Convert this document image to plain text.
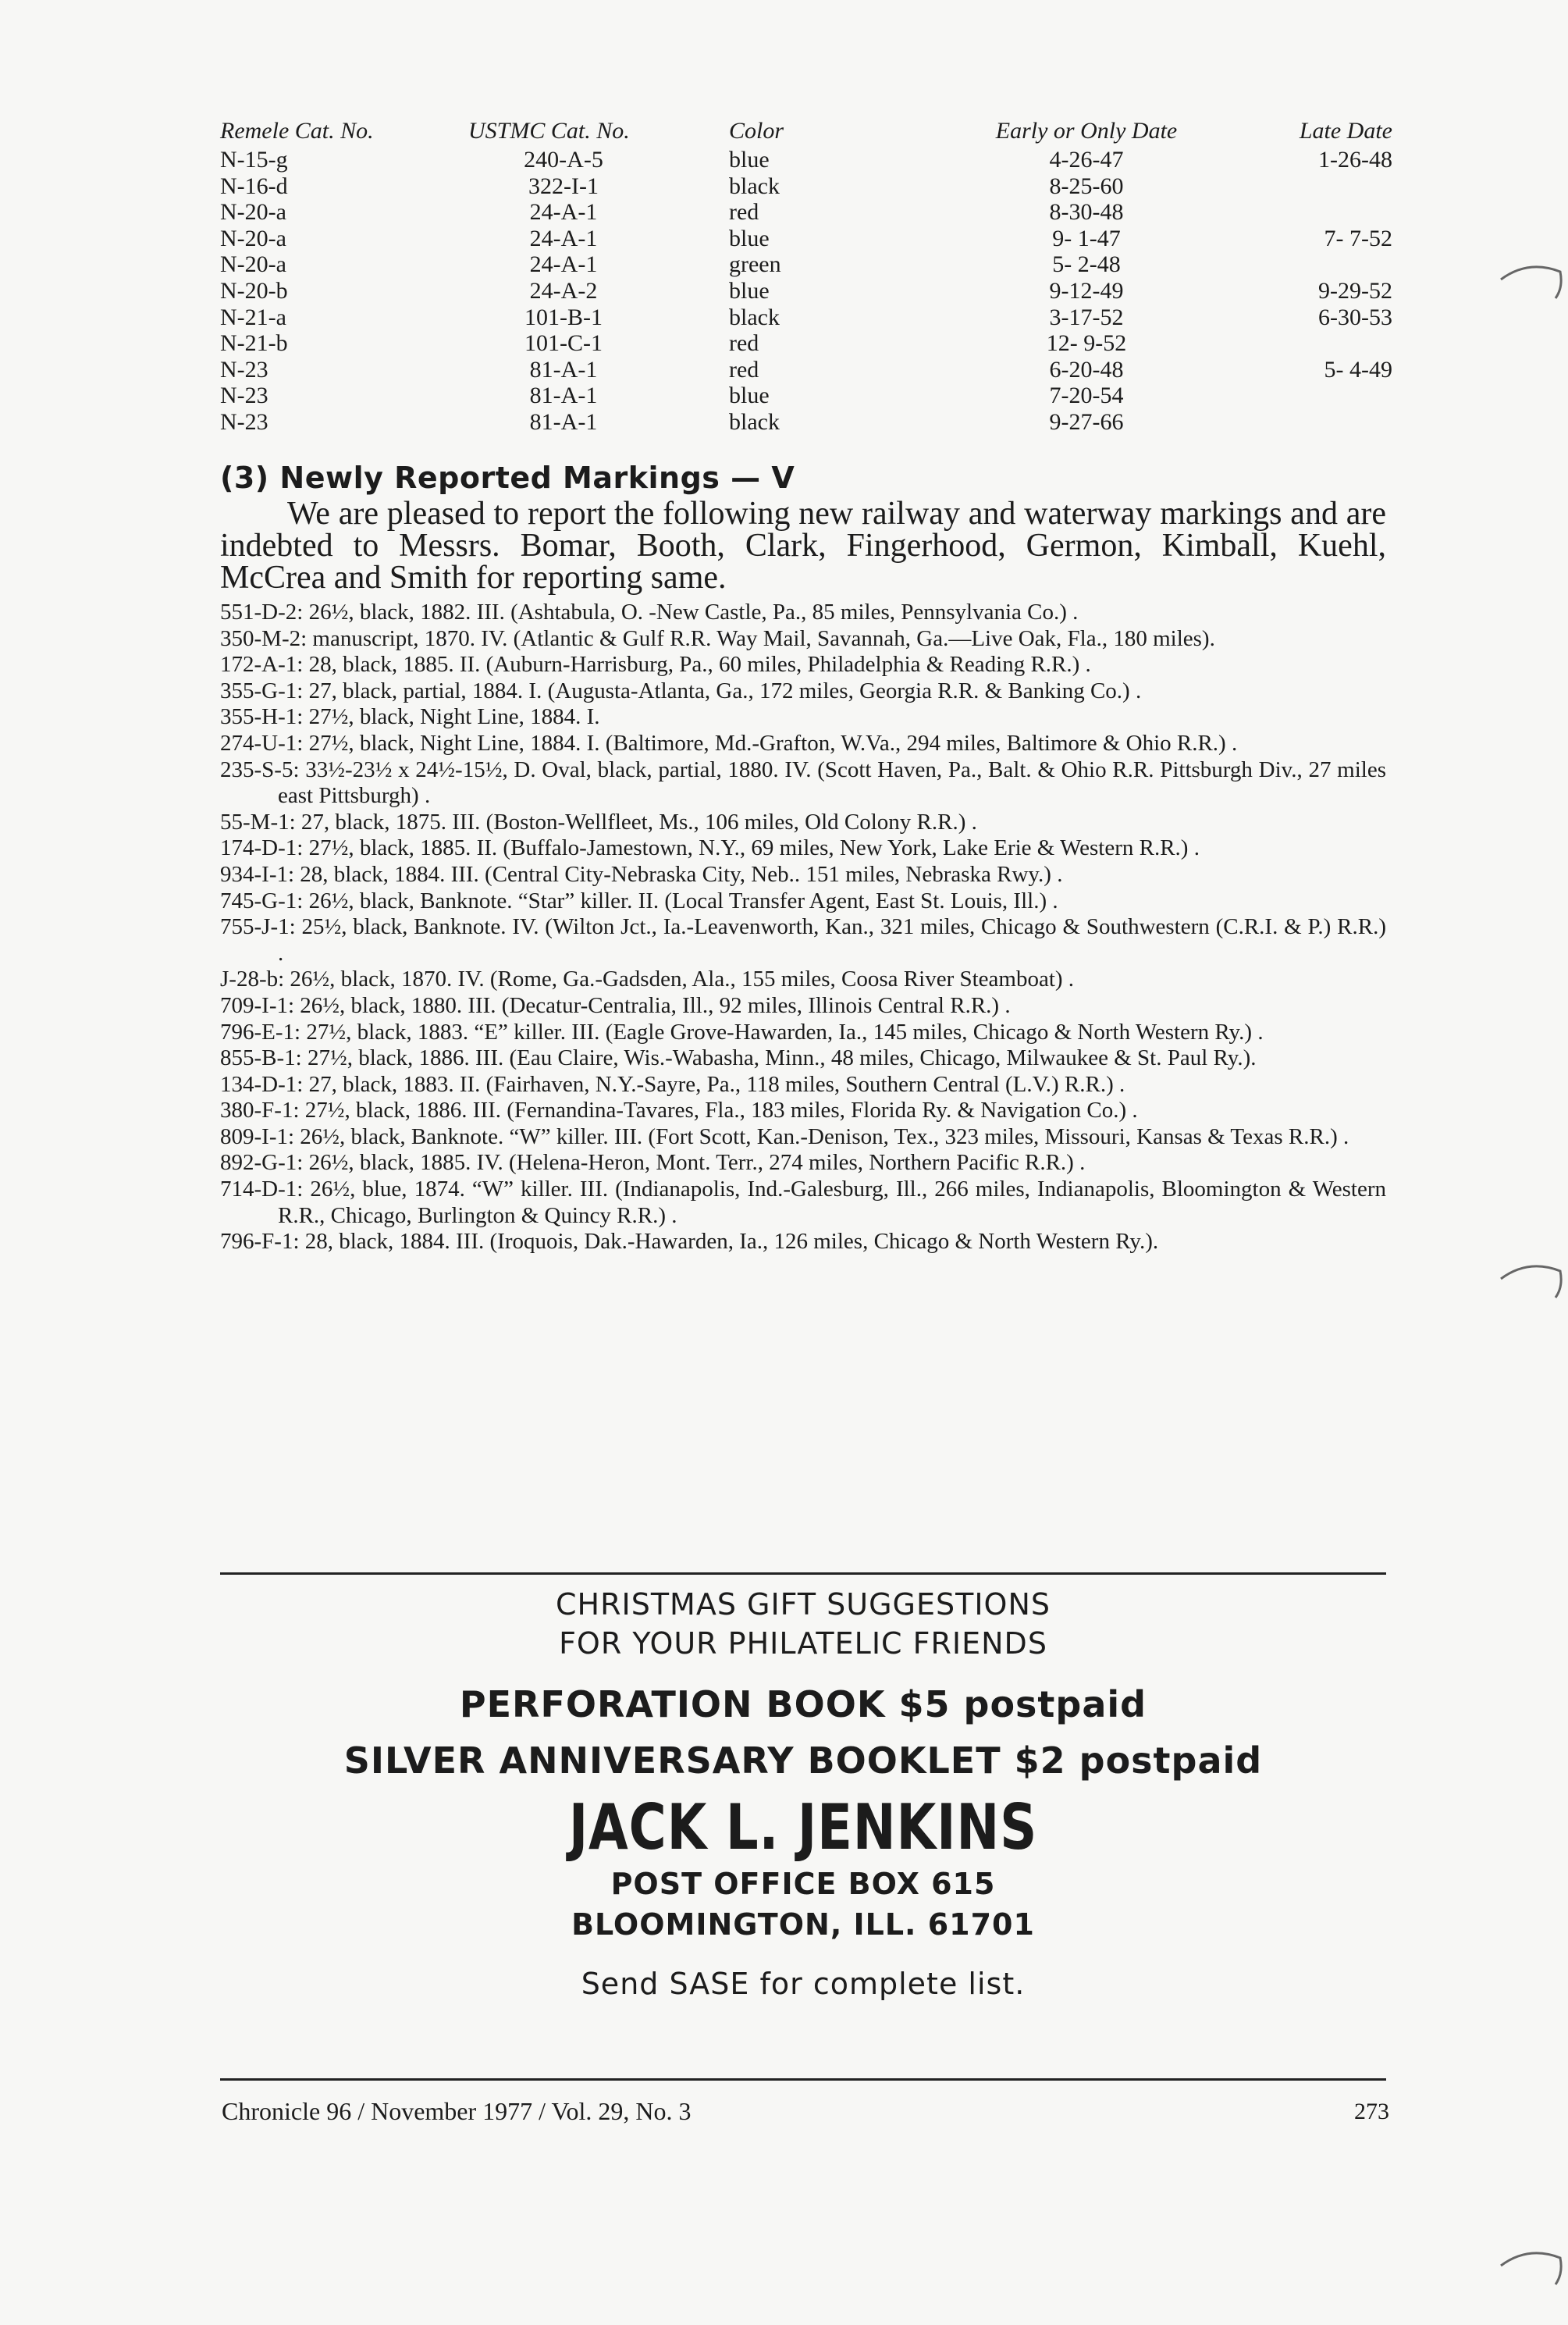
Remele Cat. No.	USTMC Cat. No.	Color	Early or Only Date	Late Date
N-15-g	240-A-5	blue	4-26-47	1-26-48
N-16-d	322-I-1	black	8-25-60
N-20-a	24-A-1	red	8-30-48
N-20-a	24-A-1	blue	9- 1-47	7- 7-52
N-20-a	24-A-1	green	5- 2-48
N-20-b	24-A-2	blue	9-12-49	9-29-52
N-21-a	101-B-1	black	3-17-52	6-30-53
N-21-b	101-C-1	red	12- 9-52
N-23	81-A-1	red	6-20-48	5- 4-49
N-23	81-A-1	blue	7-20-54
N-23	81-A-1	black	9-27-66
(3) Newly Reported Markings — V
We are pleased to report the following new railway and waterway markings and are indebted to Messrs. Bomar, Booth, Clark, Fingerhood, Germon, Kimball, Kuehl, McCrea and Smith for reporting same.
551-D-2: 26½, black, 1882. III. (Ashtabula, O. -New Castle, Pa., 85 miles, Pennsylvania Co.) .
350-M-2: manuscript, 1870. IV. (Atlantic & Gulf R.R. Way Mail, Savannah, Ga.—Live Oak, Fla., 180 miles).
172-A-1: 28, black, 1885. II. (Auburn-Harrisburg, Pa., 60 miles, Philadelphia & Reading R.R.) .
355-G-1: 27, black, partial, 1884. I. (Augusta-Atlanta, Ga., 172 miles, Georgia R.R. & Banking Co.) .
355-H-1: 27½, black, Night Line, 1884. I.
274-U-1: 27½, black, Night Line, 1884. I. (Baltimore, Md.-Grafton, W.Va., 294 miles, Baltimore & Ohio R.R.) .
235-S-5: 33½-23½ x 24½-15½, D. Oval, black, partial, 1880. IV. (Scott Haven, Pa., Balt. & Ohio R.R. Pittsburgh Div., 27 miles east Pittsburgh) .
55-M-1: 27, black, 1875. III. (Boston-Wellfleet, Ms., 106 miles, Old Colony R.R.) .
174-D-1: 27½, black, 1885. II. (Buffalo-Jamestown, N.Y., 69 miles, New York, Lake Erie & Western R.R.) .
934-I-1: 28, black, 1884. III. (Central City-Nebraska City, Neb.. 151 miles, Nebraska Rwy.) .
745-G-1: 26½, black, Banknote. “Star” killer. II. (Local Transfer Agent, East St. Louis, Ill.) .
755-J-1: 25½, black, Banknote. IV. (Wilton Jct., Ia.-Leavenworth, Kan., 321 miles, Chicago & Southwestern (C.R.I. & P.) R.R.) .
J-28-b: 26½, black, 1870. IV. (Rome, Ga.-Gadsden, Ala., 155 miles, Coosa River Steamboat) .
709-I-1: 26½, black, 1880. III. (Decatur-Centralia, Ill., 92 miles, Illinois Central R.R.) .
796-E-1: 27½, black, 1883. “E” killer. III. (Eagle Grove-Hawarden, Ia., 145 miles, Chicago & North Western Ry.) .
855-B-1: 27½, black, 1886. III. (Eau Claire, Wis.-Wabasha, Minn., 48 miles, Chicago, Milwaukee & St. Paul Ry.).
134-D-1: 27, black, 1883. II. (Fairhaven, N.Y.-Sayre, Pa., 118 miles, Southern Central (L.V.) R.R.) .
380-F-1: 27½, black, 1886. III. (Fernandina-Tavares, Fla., 183 miles, Florida Ry. & Navigation Co.) .
809-I-1: 26½, black, Banknote. “W” killer. III. (Fort Scott, Kan.-Denison, Tex., 323 miles, Missouri, Kansas & Texas R.R.) .
892-G-1: 26½, black, 1885. IV. (Helena-Heron, Mont. Terr., 274 miles, Northern Pacific R.R.) .
714-D-1: 26½, blue, 1874. “W” killer. III. (Indianapolis, Ind.-Galesburg, Ill., 266 miles, Indianapolis, Bloomington & Western R.R., Chicago, Burlington & Quincy R.R.) .
796-F-1: 28, black, 1884. III. (Iroquois, Dak.-Hawarden, Ia., 126 miles, Chicago & North Western Ry.).
CHRISTMAS GIFT SUGGESTIONS
FOR YOUR PHILATELIC FRIENDS
PERFORATION BOOK $5 postpaid
SILVER ANNIVERSARY BOOKLET $2 postpaid
JACK L. JENKINS
POST OFFICE BOX 615
BLOOMINGTON, ILL. 61701
Send SASE for complete list.
Chronicle 96 / November 1977 / Vol. 29, No. 3	273
